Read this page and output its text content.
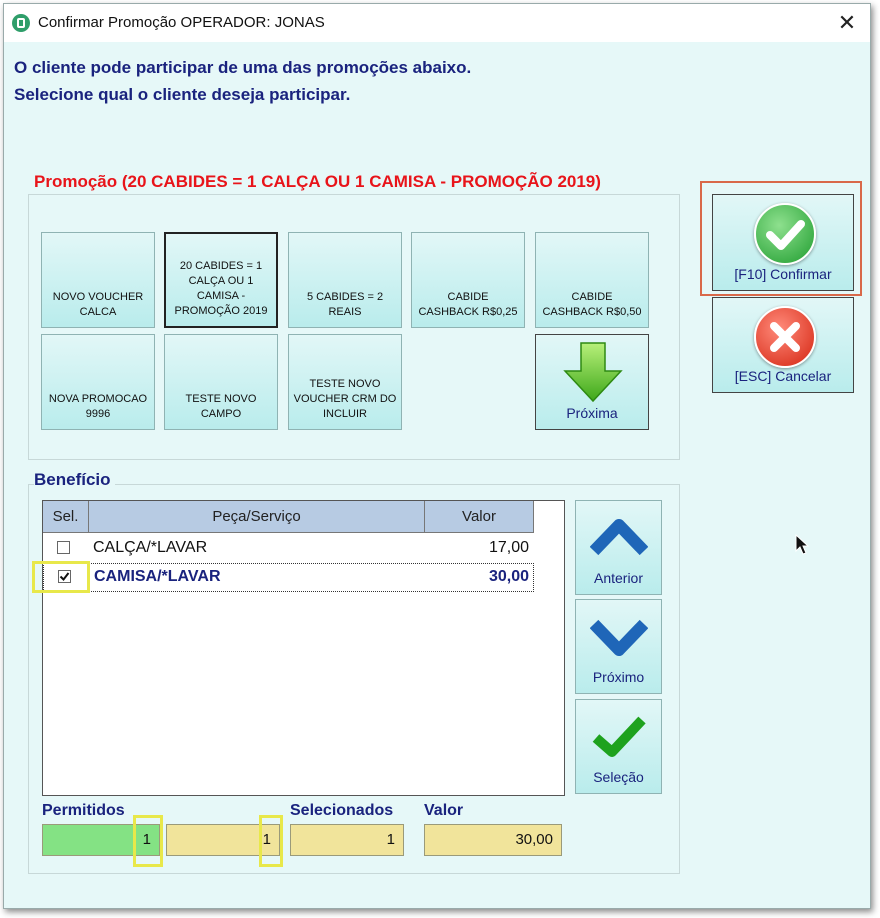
Confirmar Promoção OPERADOR: JONAS	✕
O cliente pode participar de uma das promoções abaixo.
Selecione qual o cliente deseja participar.
Promoção (20 CABIDES = 1 CALÇA OU 1 CAMISA - PROMOÇÃO 2019)
NOVO VOUCHER CALCA
20 CABIDES = 1 CALÇA OU 1 CAMISA - PROMOÇÃO 2019
5 CABIDES = 2 REAIS
CABIDE CASHBACK R$0,25
CABIDE CASHBACK R$0,50
NOVA PROMOCAO 9996
TESTE NOVO CAMPO
TESTE NOVO VOUCHER CRM DO INCLUIR	Próxima
[F10] Confirmar
[ESC] Cancelar
Benefício
Sel.	Peça/Serviço	Valor
CALÇA/*LAVAR	17,00
CAMISA/*LAVAR	30,00	Anterior
Próximo
Seleção
Permitidos	Selecionados Valor
1	1	1	30,00
